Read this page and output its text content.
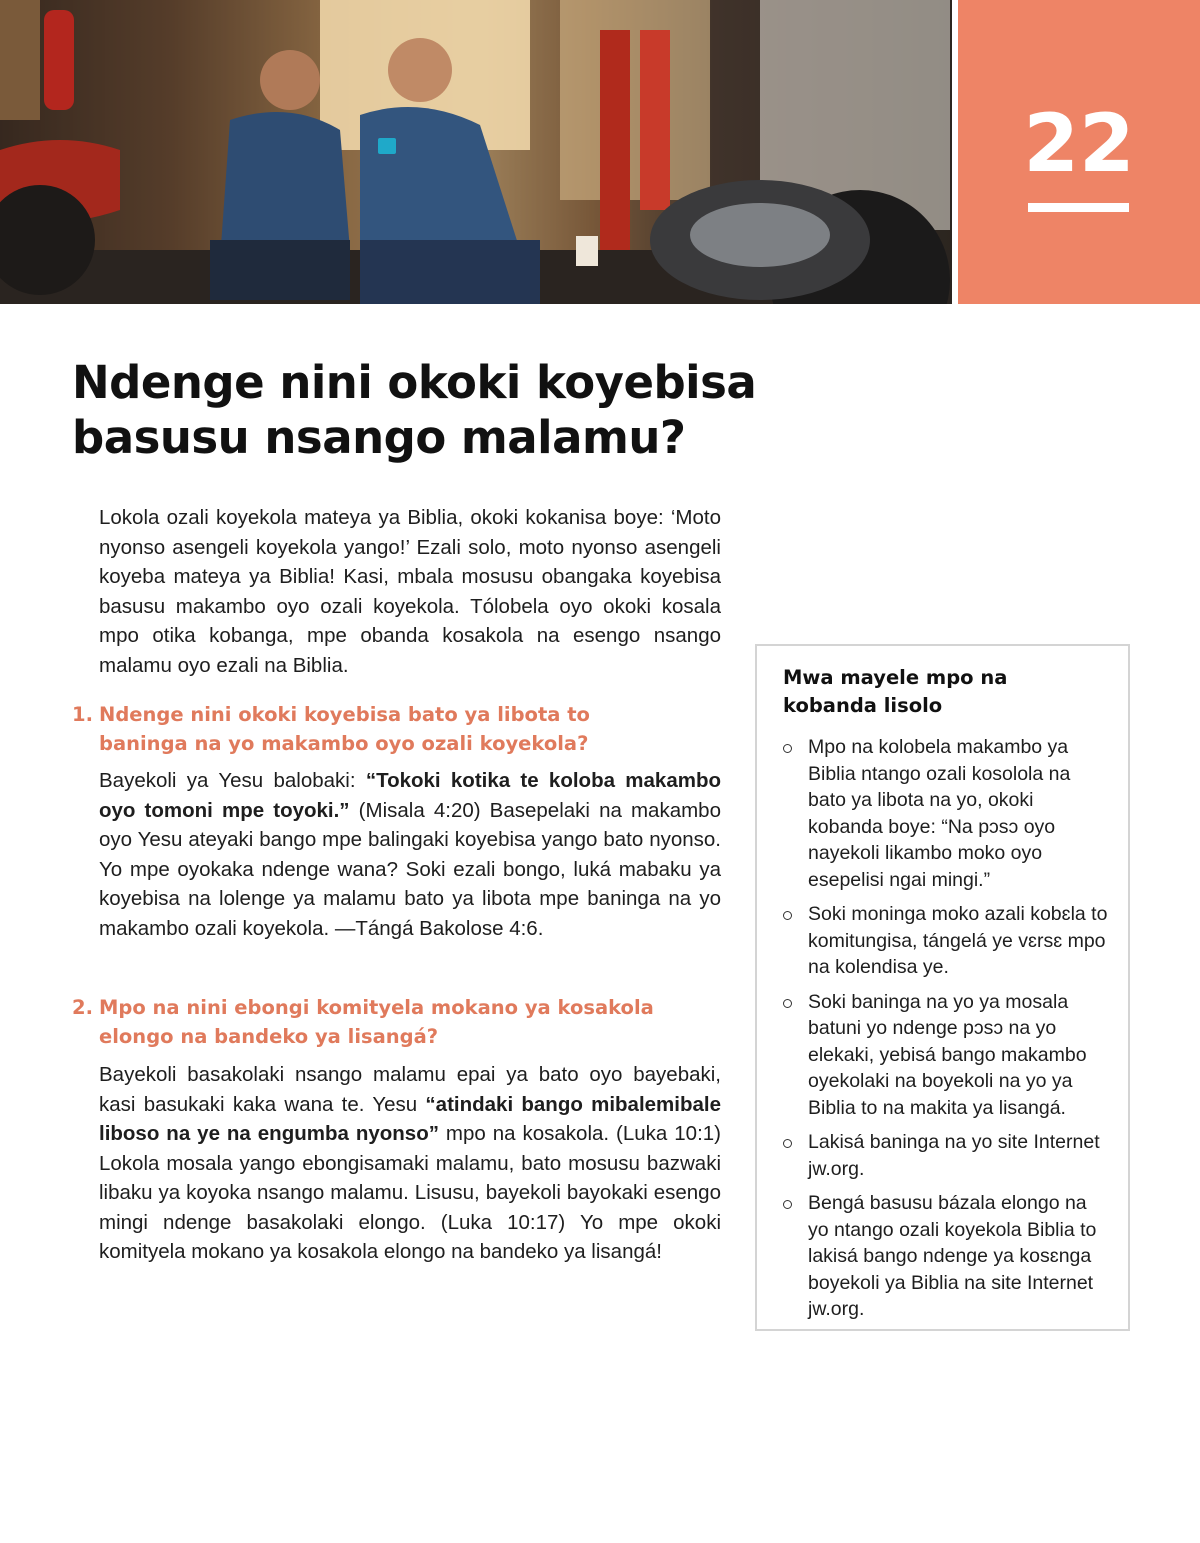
22
Ndenge nini okoki koyebisa basusu nsango malamu?

Lokola ozali koyekola mateya ya Biblia, okoki kokanisa boye: ‘Moto nyonso asengeli koyekola yango!’ Ezali solo, moto nyonso asengeli koyeba mateya ya Biblia! Kasi, mbala mosusu obangaka koyebisa basusu makambo oyo ozali koyekola. Tólobela oyo okoki kosala mpo otika kobanga, mpe obanda kosakola na esengo nsango malamu oyo ezali na Biblia.

1. Ndenge nini okoki koyebisa bato ya libota to baninga na yo makambo oyo ozali koyekola?

Bayekoli ya Yesu balobaki: “Tokoki kotika te koloba makambo oyo tomoni mpe toyoki.” (Misala 4:20) Basepelaki na makambo oyo Yesu ateyaki bango mpe balingaki koyebisa yango bato nyonso. Yo mpe oyokaka ndenge wana? Soki ezali bongo, luká mabaku ya koyebisa na lolenge ya malamu bato ya libota mpe baninga na yo makambo ozali koyekola. —Tángá Bakolose 4:6.

2. Mpo na nini ebongi komityela mokano ya kosakola elongo na bandeko ya lisangá?

Bayekoli basakolaki nsango malamu epai ya bato oyo bayebaki, kasi basukaki kaka wana te. Yesu “atindaki bango mibalemibale liboso na ye na engumba nyonso” mpo na kosakola. (Luka 10:1) Lokola mosala yango ebongisamaki malamu, bato mosusu bazwaki libaku ya koyoka nsango malamu. Lisusu, bayekoli bayokaki esengo mingi ndenge basakolaki elongo. (Luka 10:17) Yo mpe okoki komityela mokano ya kosakola elongo na bandeko ya lisangá!

Mwa mayele mpo na kobanda lisolo
Mpo na kolobela makambo ya Biblia ntango ozali kosolola na bato ya libota na yo, okoki kobanda boye: “Na pɔsɔ oyo nayekoli likambo moko oyo esepelisi ngai mingi.”
Soki moninga moko azali kobɛla to komitungisa, tángelá ye vɛrsɛ mpo na kolendisa ye.
Soki baninga na yo ya mosala batuni yo ndenge pɔsɔ na yo elekaki, yebisá bango makambo oyekolaki na boyekoli na yo ya Biblia to na makita ya lisangá.
Lakisá baninga na yo site Internet jw.org.
Bengá basusu bázala elongo na yo ntango ozali koyekola Biblia to lakisá bango ndenge ya kosɛnga boyekoli ya Biblia na site Internet jw.org.
